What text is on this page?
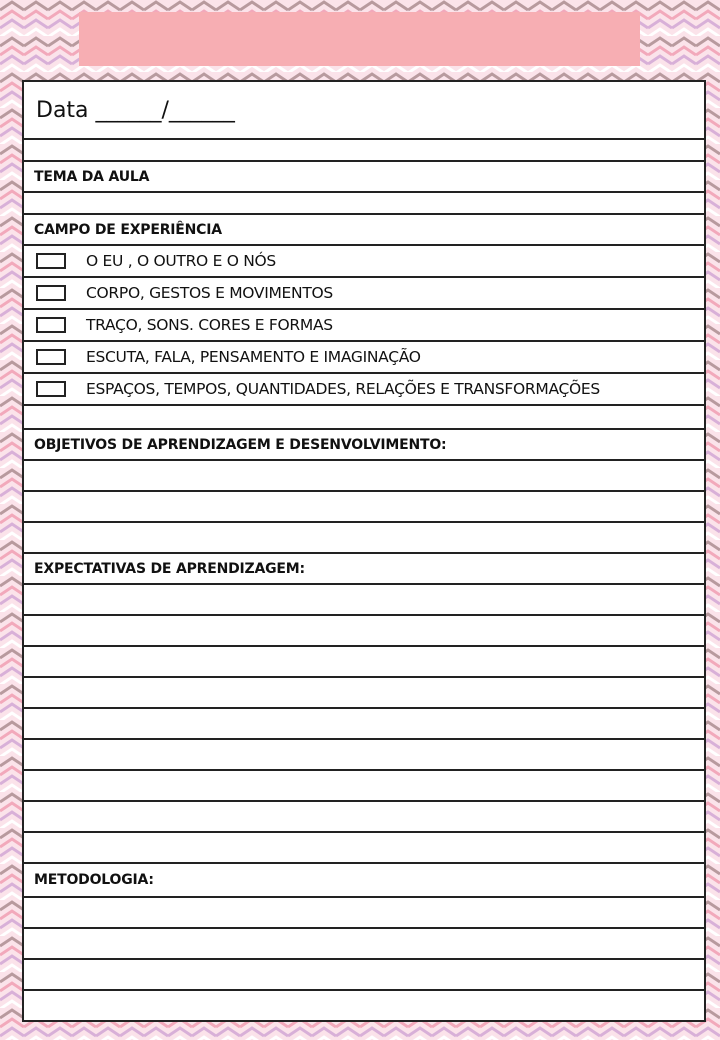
Data ______/______
TEMA DA AULA
CAMPO DE EXPERIÊNCIA
O EU , O OUTRO E O NÓS
CORPO, GESTOS E MOVIMENTOS
TRAÇO, SONS. CORES E FORMAS
ESCUTA, FALA, PENSAMENTO E IMAGINAÇÃO
ESPAÇOS, TEMPOS, QUANTIDADES, RELAÇÕES E TRANSFORMAÇÕES
OBJETIVOS DE APRENDIZAGEM E DESENVOLVIMENTO:
EXPECTATIVAS DE APRENDIZAGEM:
METODOLOGIA:
